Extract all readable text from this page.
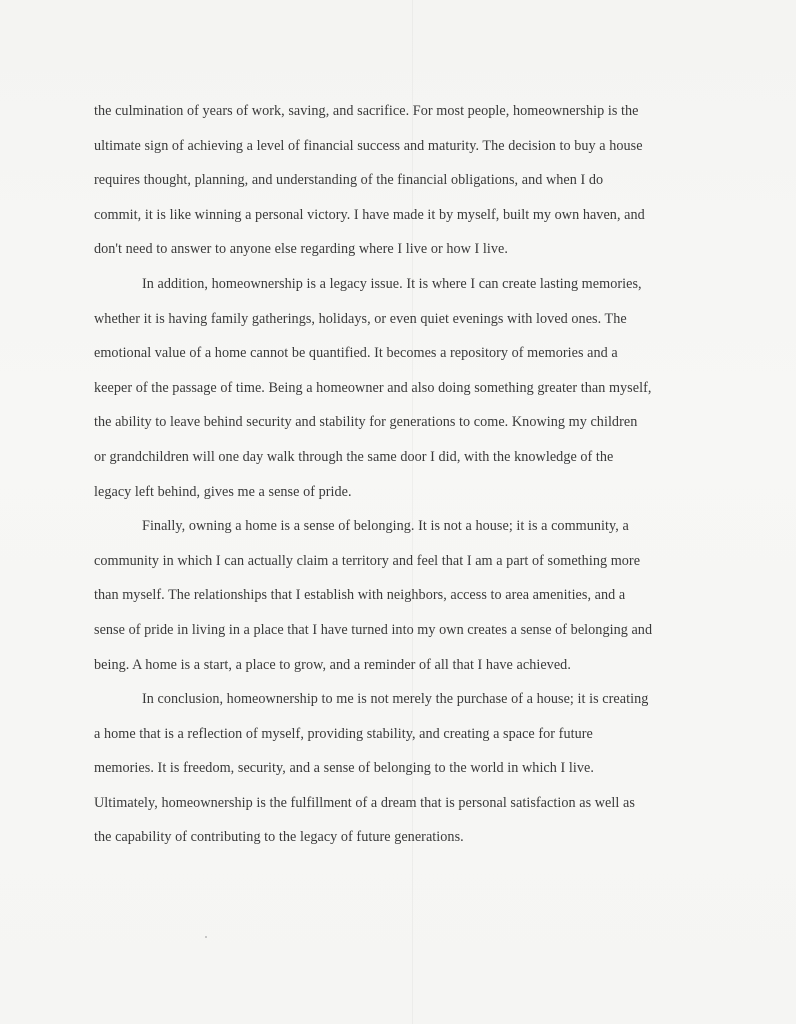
the culmination of years of work, saving, and sacrifice. For most people, homeownership is the
ultimate sign of achieving a level of financial success and maturity. The decision to buy a house
requires thought, planning, and understanding of the financial obligations, and when I do
commit, it is like winning a personal victory. I have made it by myself, built my own haven, and
don't need to answer to anyone else regarding where I live or how I live.
In addition, homeownership is a legacy issue. It is where I can create lasting memories,
whether it is having family gatherings, holidays, or even quiet evenings with loved ones. The
emotional value of a home cannot be quantified. It becomes a repository of memories and a
keeper of the passage of time. Being a homeowner and also doing something greater than myself,
the ability to leave behind security and stability for generations to come. Knowing my children
or grandchildren will one day walk through the same door I did, with the knowledge of the
legacy left behind, gives me a sense of pride.
Finally, owning a home is a sense of belonging. It is not a house; it is a community, a
community in which I can actually claim a territory and feel that I am a part of something more
than myself. The relationships that I establish with neighbors, access to area amenities, and a
sense of pride in living in a place that I have turned into my own creates a sense of belonging and
being. A home is a start, a place to grow, and a reminder of all that I have achieved.
In conclusion, homeownership to me is not merely the purchase of a house; it is creating
a home that is a reflection of myself, providing stability, and creating a space for future
memories. It is freedom, security, and a sense of belonging to the world in which I live.
Ultimately, homeownership is the fulfillment of a dream that is personal satisfaction as well as
the capability of contributing to the legacy of future generations.
